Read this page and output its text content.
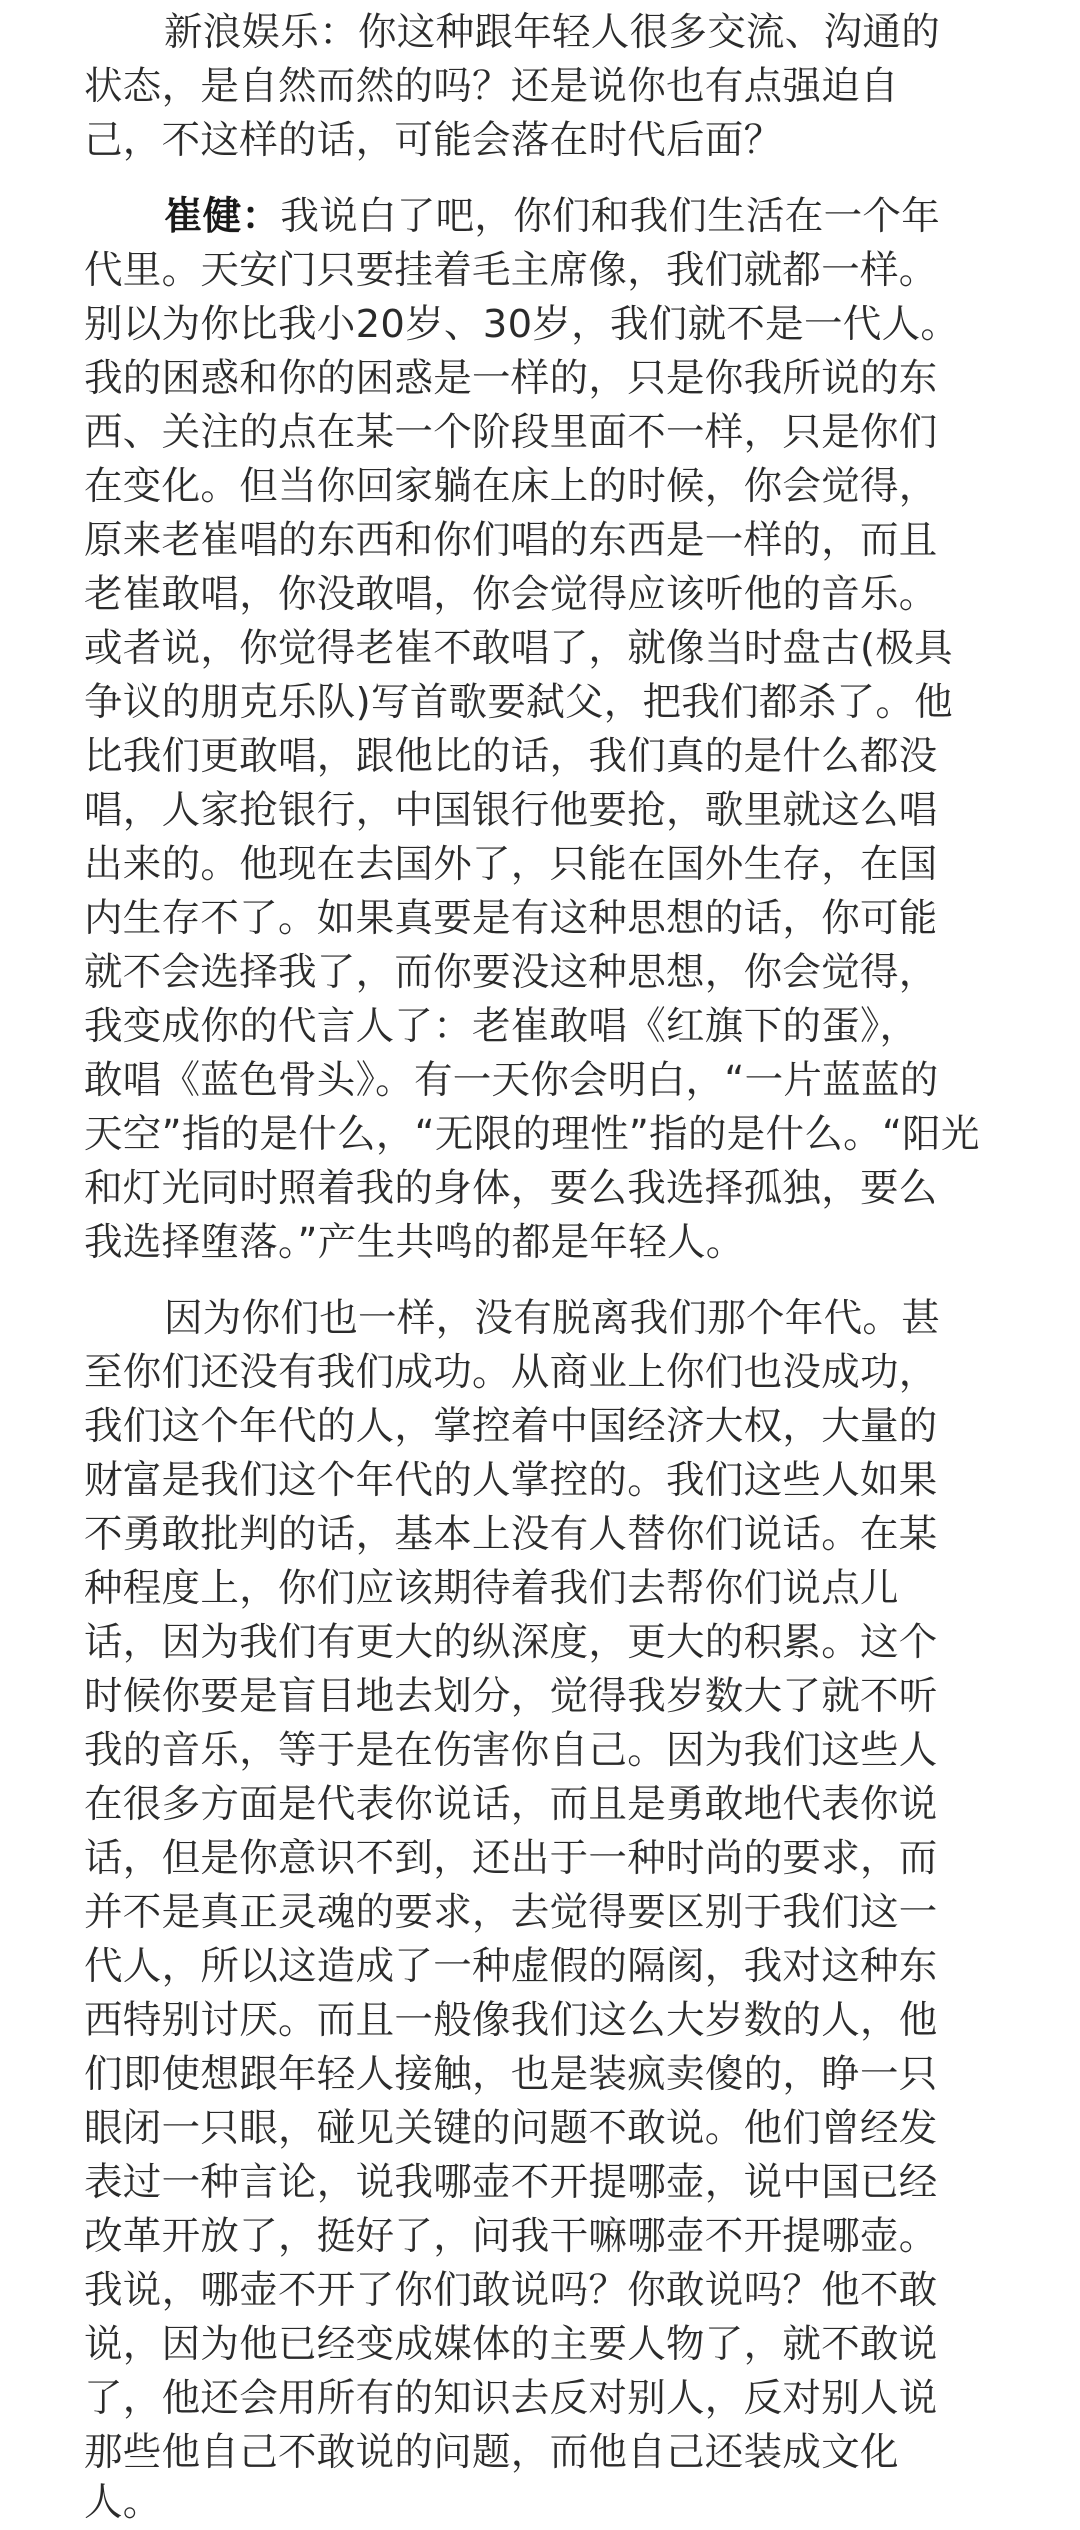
新浪娱乐：你这种跟年轻人很多交流、沟通的
状态，是自然而然的吗？还是说你也有点强迫自
己，不这样的话，可能会落在时代后面？
崔健：我说白了吧，你们和我们生活在一个年
代里。天安门只要挂着毛主席像，我们就都一样。
别以为你比我小20岁、30岁，我们就不是一代人。
我的困惑和你的困惑是一样的，只是你我所说的东
西、关注的点在某一个阶段里面不一样，只是你们
在变化。但当你回家躺在床上的时候，你会觉得，
原来老崔唱的东西和你们唱的东西是一样的，而且
老崔敢唱，你没敢唱，你会觉得应该听他的音乐。
或者说，你觉得老崔不敢唱了，就像当时盘古(极具
争议的朋克乐队)写首歌要弑父，把我们都杀了。他
比我们更敢唱，跟他比的话，我们真的是什么都没
唱，人家抢银行，中国银行他要抢，歌里就这么唱
出来的。他现在去国外了，只能在国外生存，在国
内生存不了。如果真要是有这种思想的话，你可能
就不会选择我了，而你要没这种思想，你会觉得，
我变成你的代言人了：老崔敢唱《红旗下的蛋》，
敢唱《蓝色骨头》。有一天你会明白，“一片蓝蓝的
天空”指的是什么，“无限的理性”指的是什么。“阳光
和灯光同时照着我的身体，要么我选择孤独，要么
我选择堕落。”产生共鸣的都是年轻人。
因为你们也一样，没有脱离我们那个年代。甚
至你们还没有我们成功。从商业上你们也没成功，
我们这个年代的人，掌控着中国经济大权，大量的
财富是我们这个年代的人掌控的。我们这些人如果
不勇敢批判的话，基本上没有人替你们说话。在某
种程度上，你们应该期待着我们去帮你们说点儿
话，因为我们有更大的纵深度，更大的积累。这个
时候你要是盲目地去划分，觉得我岁数大了就不听
我的音乐，等于是在伤害你自己。因为我们这些人
在很多方面是代表你说话，而且是勇敢地代表你说
话，但是你意识不到，还出于一种时尚的要求，而
并不是真正灵魂的要求，去觉得要区别于我们这一
代人，所以这造成了一种虚假的隔阂，我对这种东
西特别讨厌。而且一般像我们这么大岁数的人，他
们即使想跟年轻人接触，也是装疯卖傻的，睁一只
眼闭一只眼，碰见关键的问题不敢说。他们曾经发
表过一种言论，说我哪壶不开提哪壶，说中国已经
改革开放了，挺好了，问我干嘛哪壶不开提哪壶。
我说，哪壶不开了你们敢说吗？你敢说吗？他不敢
说，因为他已经变成媒体的主要人物了，就不敢说
了，他还会用所有的知识去反对别人，反对别人说
那些他自己不敢说的问题，而他自己还装成文化
人。
